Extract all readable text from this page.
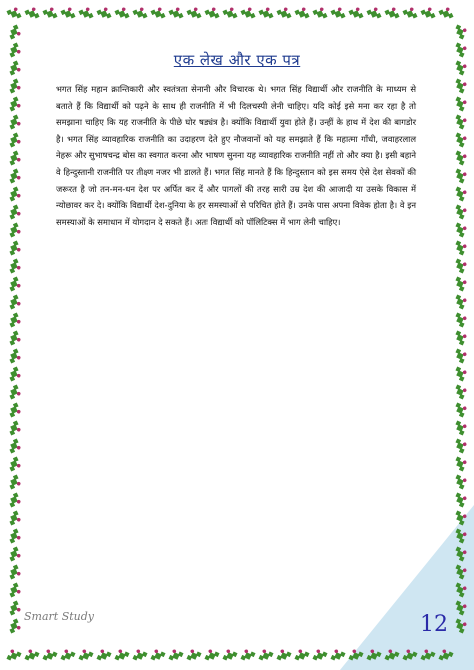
एक लेख और एक पत्र

भगत सिंह महान क्रान्तिकारी और स्वतंत्रता सेनानी और विचारक थे। भगत सिंह विद्यार्थी और राजनीति के माध्यम से बताते हैं कि विद्यार्थी को पढ़ने के साथ ही राजनीति में भी दिलचस्पी लेनी चाहिए। यदि कोई इसे मना कर रहा है तो समझाना चाहिए कि यह राजनीति के पीछे घोर षड्यंत्र है। क्योंकि विद्यार्थी युवा होते हैं। उन्हीं के हाथ में देश की बागडोर है। भगत सिंह व्यावहारिक राजनीति का उदाहरण देते हुए नौजवानों को यह समझाते हैं कि महात्मा गाँधी, जवाहरलाल नेहरू और सुभाषचन्द्र बोस का स्वगात करना और भाषण सुनना यह व्यावहारिक राजनीति नहीं तो और क्या है। इसी बहाने वे हिन्दुस्तानी राजनीति पर तीक्ष्ण नजर भी डालते हैं। भगत सिंह मानते हैं कि हिन्दुस्तान को इस समय ऐसे देश सेवकों की जरूरत है जो तन-मन-धन देश पर अर्पित कर दें और पागलों की तरह सारी उम्र देश की आजादी या उसके विकास में न्योछावर कर दे। क्योंकि विद्यार्थी देश-दुनिया के हर समस्याओं से परिचित होते हैं। उनके पास अपना विवेक होता है। वे इन समस्याओं के समाधान में योगदान दे सकते हैं। अतः विद्यार्थी को पॉलिटिक्स में भाग लेनी चाहिए।

Smart Study	12
